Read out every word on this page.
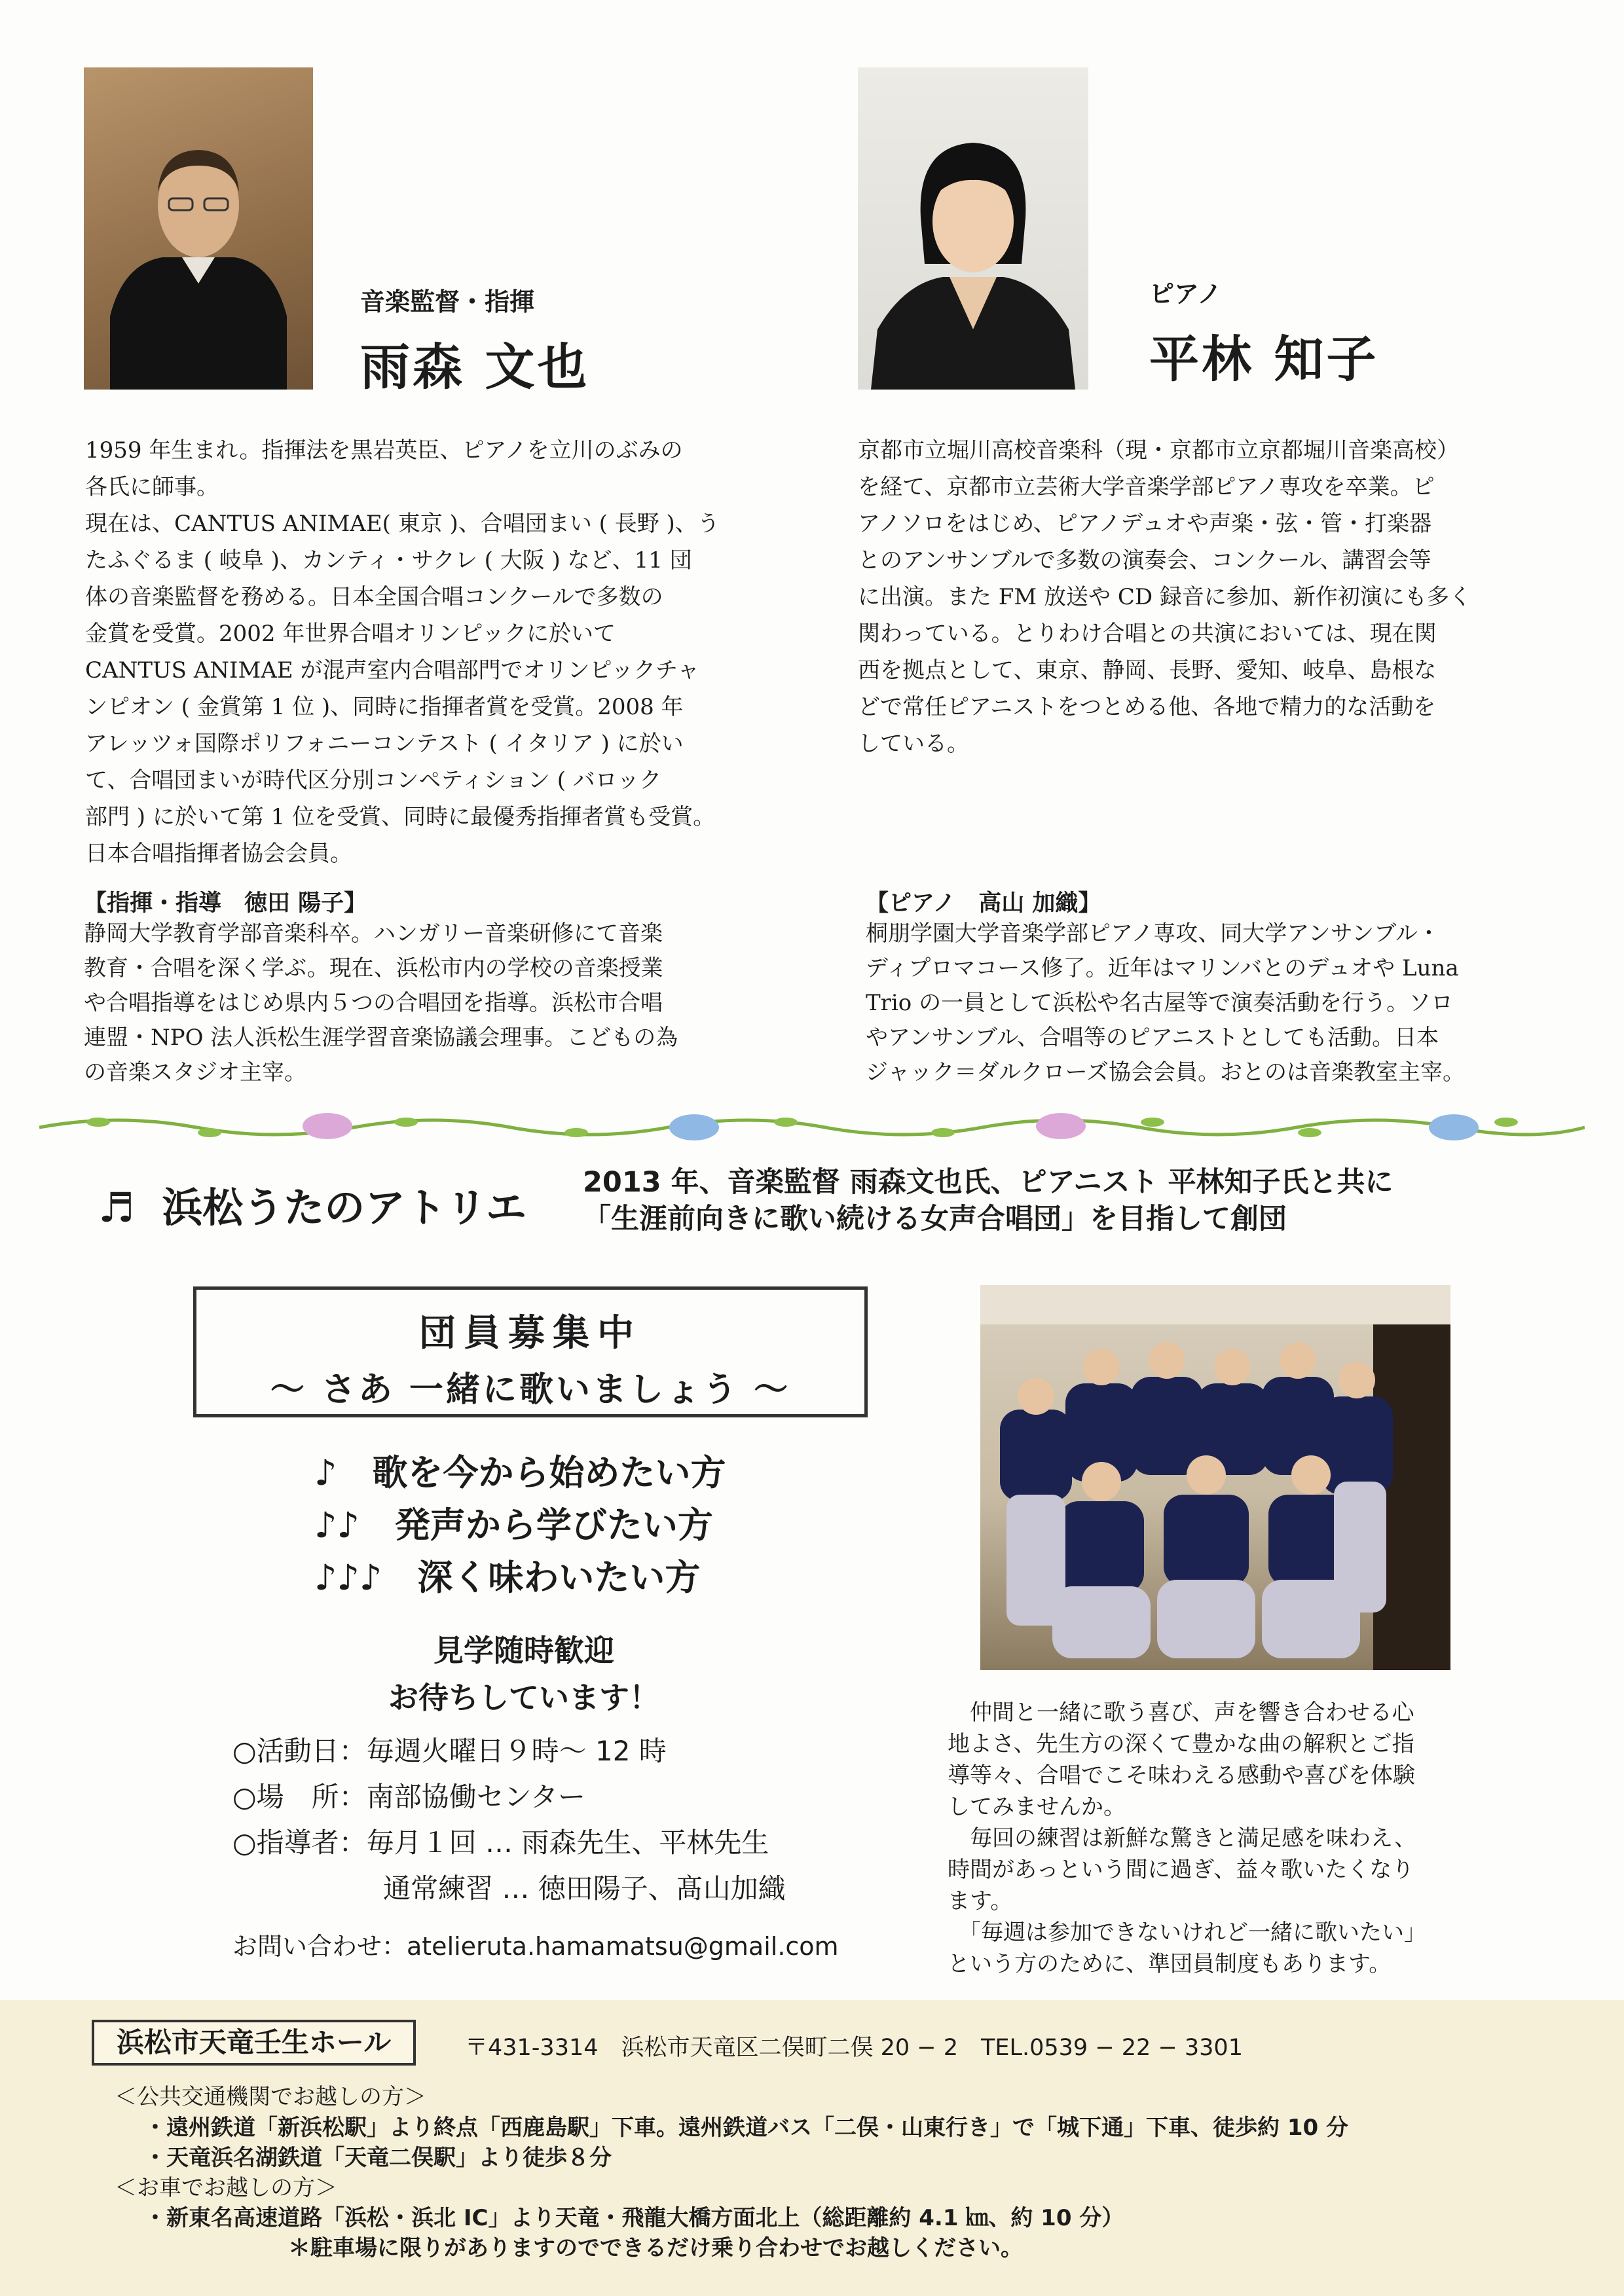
音楽監督・指揮
雨森 文也
1959 年生まれ。指揮法を黒岩英臣、ピアノを立川のぶみの
各氏に師事。
現在は、CANTUS ANIMAE( 東京 )、合唱団まい ( 長野 )、う
たふぐるま ( 岐阜 )、カンティ・サクレ ( 大阪 ) など、11 団
体の音楽監督を務める。日本全国合唱コンクールで多数の
金賞を受賞。2002 年世界合唱オリンピックに於いて
CANTUS ANIMAE が混声室内合唱部門でオリンピックチャ
ンピオン ( 金賞第 1 位 )、同時に指揮者賞を受賞。2008 年
アレッツォ国際ポリフォニーコンテスト ( イタリア ) に於い
て、合唱団まいが時代区分別コンペティション ( バロック
部門 ) に於いて第 1 位を受賞、同時に最優秀指揮者賞も受賞。
日本合唱指揮者協会会員。
ピアノ
平林 知子
京都市立堀川高校音楽科（現・京都市立京都堀川音楽高校）
を経て、京都市立芸術大学音楽学部ピアノ専攻を卒業。ピ
アノソロをはじめ、ピアノデュオや声楽・弦・管・打楽器
とのアンサンブルで多数の演奏会、コンクール、講習会等
に出演。また FM 放送や CD 録音に参加、新作初演にも多く
関わっている。とりわけ合唱との共演においては、現在関
西を拠点として、東京、静岡、長野、愛知、岐阜、島根な
どで常任ピアニストをつとめる他、各地で精力的な活動を
している。
【指揮・指導　徳田 陽子】
静岡大学教育学部音楽科卒。ハンガリー音楽研修にて音楽
教育・合唱を深く学ぶ。現在、浜松市内の学校の音楽授業
や合唱指導をはじめ県内５つの合唱団を指導。浜松市合唱
連盟・NPO 法人浜松生涯学習音楽協議会理事。こどもの為
の音楽スタジオ主宰。
【ピアノ　高山 加織】
桐朋学園大学音楽学部ピアノ専攻、同大学アンサンブル・
ディプロマコース修了。近年はマリンバとのデュオや Luna
Trio の一員として浜松や名古屋等で演奏活動を行う。ソロ
やアンサンブル、合唱等のピアニストとしても活動。日本
ジャック＝ダルクローズ協会会員。おとのは音楽教室主宰。
♬ 浜松うたのアトリエ
2013 年、音楽監督 雨森文也氏、ピアニスト 平林知子氏と共に
「生涯前向きに歌い続ける女声合唱団」を目指して創団
団員募集中
〜 さあ 一緒に歌いましょう 〜
♪　歌を今から始めたい方
♪♪　発声から学びたい方
♪♪♪　深く味わいたい方
見学随時歓迎
お待ちしています！
○活動日：毎週火曜日９時〜 12 時
○場　所：南部協働センター
○指導者：毎月１回 … 雨森先生、平林先生
通常練習 … 徳田陽子、髙山加織
お問い合わせ：atelieruta.hamamatsu@gmail.com
　仲間と一緒に歌う喜び、声を響き合わせる心
地よさ、先生方の深くて豊かな曲の解釈とご指
導等々、合唱でこそ味わえる感動や喜びを体験
してみませんか。
　毎回の練習は新鮮な驚きと満足感を味わえ、
時間があっという間に過ぎ、益々歌いたくなり
ます。
　「毎週は参加できないけれど一緒に歌いたい」
という方のために、準団員制度もあります。
浜松市天竜壬生ホール	〒431-3314　浜松市天竜区二俣町二俣 20 − 2　TEL.0539 − 22 − 3301
＜公共交通機関でお越しの方＞
・遠州鉄道「新浜松駅」より終点「西鹿島駅」下車。遠州鉄道バス「二俣・山東行き」で「城下通」下車、徒歩約 10 分
・天竜浜名湖鉄道「天竜二俣駅」より徒歩８分
＜お車でお越しの方＞
・新東名高速道路「浜松・浜北 IC」より天竜・飛龍大橋方面北上（総距離約 4.1 ㎞、約 10 分）
＊駐車場に限りがありますのでできるだけ乗り合わせでお越しください。
